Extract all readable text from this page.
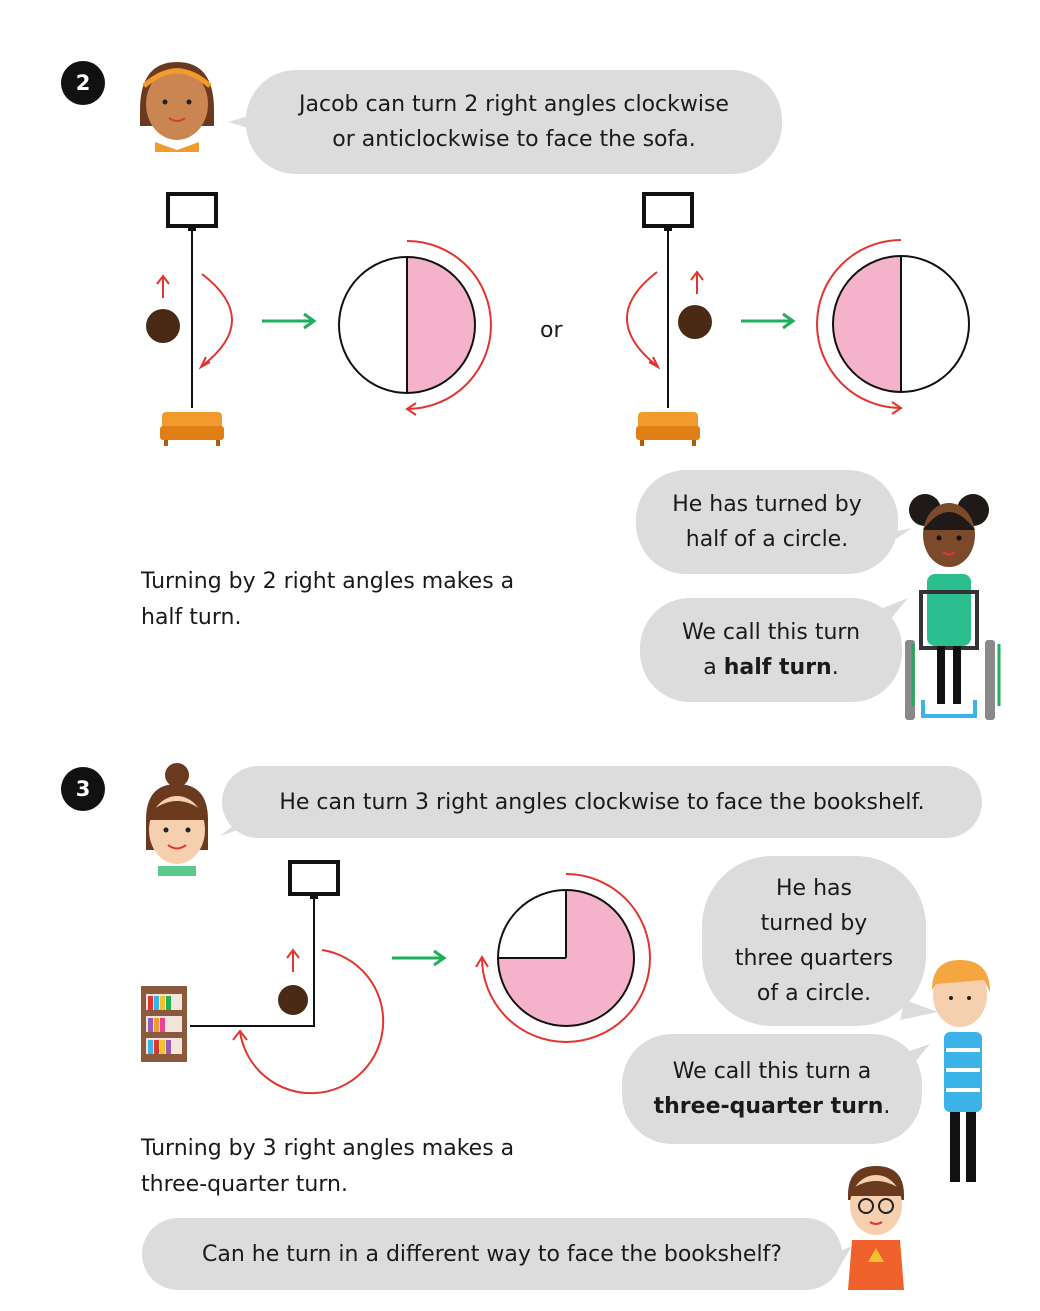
2
Jacob can turn 2 right angles clockwise
or anticlockwise to face the sofa.
or
He has turned by
half of a circle.
We call this turn
a half turn.
Turning by 2 right angles makes a
half turn.
3
He can turn 3 right angles clockwise to face the bookshelf.
He has
turned by
three quarters
of a circle.
We call this turn a
three-quarter turn.
Turning by 3 right angles makes a
three-quarter turn.
Can he turn in a different way to face the bookshelf?
